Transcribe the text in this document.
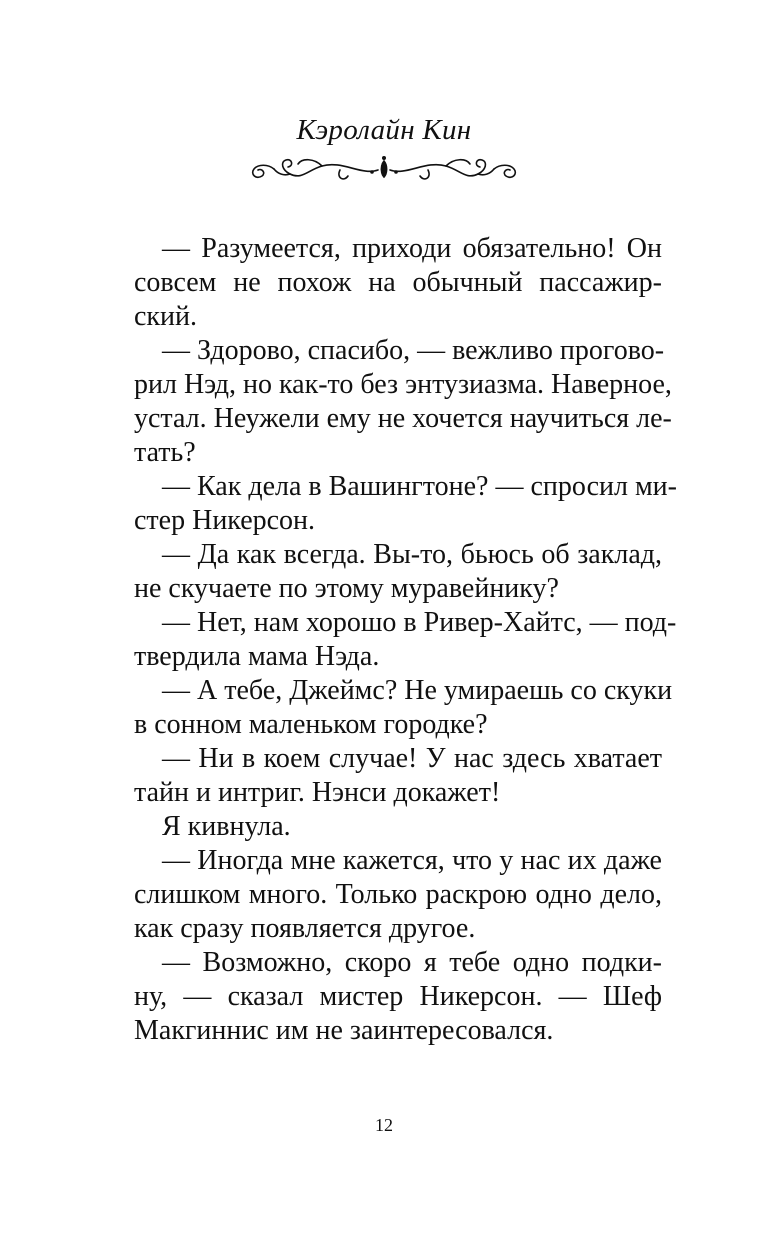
Кэролайн Кин
— Разумеется, приходи обязательно! Он
совсем не похож на обычный пассажир-
ский.
— Здорово, спасибо, — вежливо прогово-
рил Нэд, но как-то без энтузиазма. Наверное,
устал. Неужели ему не хочется научиться ле-
тать?
— Как дела в Вашингтоне? — спросил ми-
стер Никерсон.
— Да как всегда. Вы-то, бьюсь об заклад,
не скучаете по этому муравейнику?
— Нет, нам хорошо в Ривер-Хайтс, — под-
твердила мама Нэда.
— А тебе, Джеймс? Не умираешь со скуки
в сонном маленьком городке?
— Ни в коем случае! У нас здесь хватает
тайн и интриг. Нэнси докажет!
Я кивнула.
— Иногда мне кажется, что у нас их даже
слишком много. Только раскрою одно дело,
как сразу появляется другое.
— Возможно, скоро я тебе одно подки-
ну, — сказал мистер Никерсон. — Шеф
Макгиннис им не заинтересовался.
12
